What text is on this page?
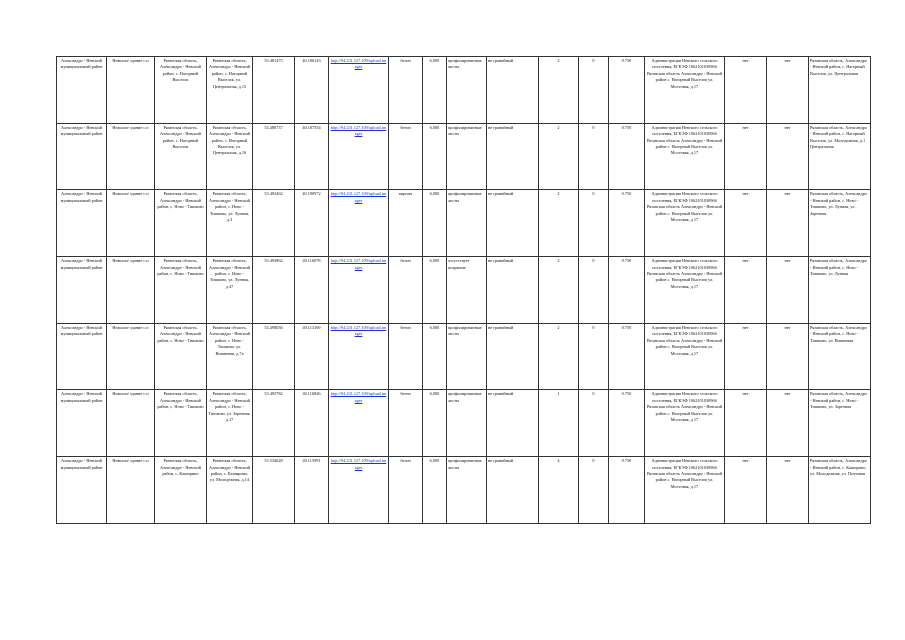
Александро - Невский муниципальный район	Нежилое здание с.п	Рязанская область, Александро - Невский район, с. Нагорный Выселок	Рязанская область, Александро - Невский район, с. Нагорный Выселок, ул. Центральная, д.15	53.481475	40.186143	http://94.231.127.109/upload.images	бетон	6,000	профилированные листы	не гравийный	2	0	0.750	Администрация Невского сельского поселения, ЕГКЭФ 1062101030966 Рязанская область Александро - Невский район с. Нагорный Выселок ул. Мостовая, д.17	нет	нет	Рязанская область, Александро - Невский район, с. Нагорный Выселок, ул. Центральная
Александро - Невский муниципальный район	Нежилое здание с.п	Рязанская область, Александро - Невский район, с. Нагорный Выселок	Рязанская область, Александро - Невский район, с. Нагорный Выселок, ул. Центральная, д.16	53.480737	40.187354	http://94.231.127.109/upload.images	бетон	6,000	профилированные листы	не гравийный	2	0	0.750	Администрация Невского сельского поселения, ЕГКЭФ 1062101030966 Рязанская область Александро - Невский район с. Нагорный Выселок ул. Мостовая, д.17	нет	нет	Рязанская область, Александро - Невский район, с. Нагорный Выселок, ул. Молодежная, д.1 Центральная
Александро - Невский муниципальный район	Нежилое здание с.п	Рязанская область, Александро - Невский район, с. Ново - Тишково	Рязанская область, Александро - Невский район, с. Ново - Тишково, ул. Лунная, д.3	53.492462	40.190972	http://94.231.127.109/upload.images	кирпич	6,000	профилированные листы	не гравийный	2	0	0.750	Администрация Невского сельского поселения, ЕГКЭФ 1062101030966 Рязанская область Александро - Невский район с. Нагорный Выселок ул. Мостовая, д.17	нет	нет	Рязанская область, Александро - Невский район, с. Ново - Тишково, ул. Лунная, ул. Заречная
Александро - Невский муниципальный район	Нежилое здание с.п	Рязанская область, Александро - Невский район, с. Ново - Тишково	Рязанская область, Александро - Невский район, с. Ново - Тишково, ул. Лунная, д.47	53.493862	40.116078	http://94.231.127.109/upload.images	бетон	6,000	отсутствует покрытие	не гравийный	2	0	0.750	Администрация Невского сельского поселения, ЕГКЭФ 1062101030966 Рязанская область Александро - Невский район с. Нагорный Выселок ул. Мостовая, д.17	нет	нет	Рязанская область, Александро - Невский район, с. Ново - Тишково, ул. Лунная
Александро - Невский муниципальный район	Нежилое здание с.п	Рязанская область, Александро - Невский район, с. Ново - Тишково	Рязанская область, Александро - Невский район, с. Ново - Тишково, ул. Вишневая, д.7а	53.498036	40.113169	http://94.231.127.109/upload.images	бетон	6,000	профилированные листы	не гравийный	2	0	0.750	Администрация Невского сельского поселения, ЕГКЭФ 1062101030966 Рязанская область Александро - Невский район с. Нагорный Выселок ул. Мостовая, д.17	нет	нет	Рязанская область, Александро - Невский район, с. Ново - Тишково, ул. Вишневая
Александро - Невский муниципальный район	Нежилое здание с.п	Рязанская область, Александро - Невский район, с. Ново - Тишково	Рязанская область, Александро - Невский район, с. Ново - Тишково, ул. Заречная, д.17	53.493782	40.116826	http://94.231.127.109/upload.images	бетон	6,000	профилированные листы	не гравийный	1	0	0.750	Администрация Невского сельского поселения, ЕГКЭФ 1062101030966 Рязанская область Александро - Невский район с. Нагорный Выселок ул. Мостовая, д.17	нет	нет	Рязанская область, Александро - Невский район, с. Ново - Тишково, ул. Заречная
Александро - Невский муниципальный район	Нежилое здание с.п	Рязанская область, Александро - Невский район, с. Каширино	Рязанская область, Александро - Невский район, с. Каширино, ул. Молодежная, д.14	53.534628	40.115991	http://94.231.127.109/upload.images	бетон	6,000	профилированные листы	не гравийный	4	0	0.750	Администрация Невского сельского поселения, ЕГКЭФ 1062101030966 Рязанская область Александро - Невский район с. Нагорный Выселок ул. Мостовая, д.17	нет	нет	Рязанская область, Александро - Невский район, с. Каширино, ул. Молодежная, ул. Почтовая
